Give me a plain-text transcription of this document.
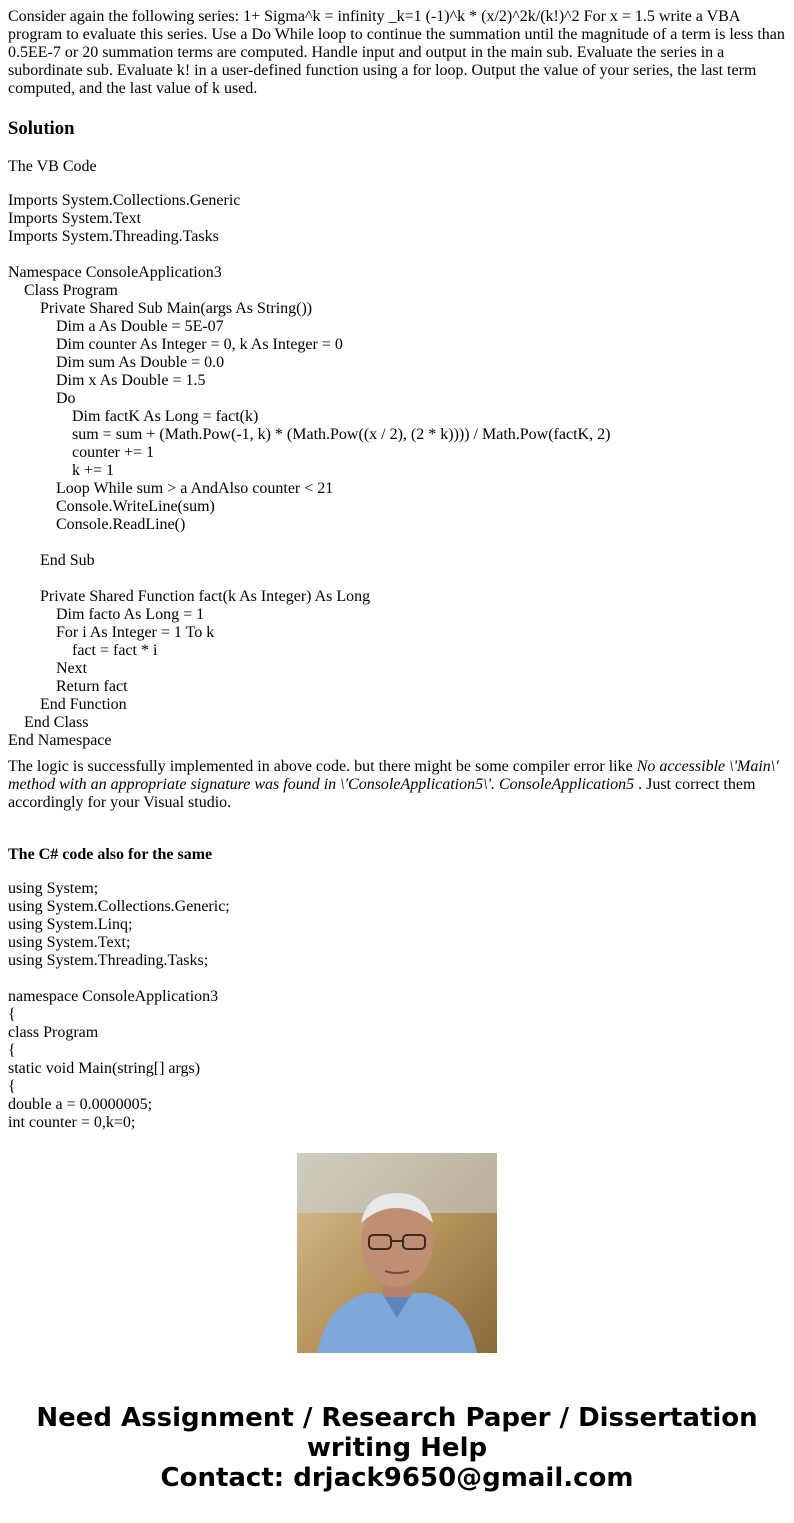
Consider again the following series: 1+ Sigma^k = infinity _k=1 (-1)^k * (x/2)^2k/(k!)^2 For x = 1.5 write a VBA program to evaluate this series. Use a Do While loop to continue the summation until the magnitude of a term is less than 0.5EE-7 or 20 summation terms are computed. Handle input and output in the main sub. Evaluate the series in a subordinate sub. Evaluate k! in a user-defined function using a for loop. Output the value of your series, the last term computed, and the last value of k used.

Solution

The VB Code

Imports System.Collections.Generic
Imports System.Text
Imports System.Threading.Tasks
Namespace ConsoleApplication3
Class Program
Private Shared Sub Main(args As String())
Dim a As Double = 5E-07
Dim counter As Integer = 0, k As Integer = 0
Dim sum As Double = 0.0
Dim x As Double = 1.5
Do
Dim factK As Long = fact(k)
sum = sum + (Math.Pow(-1, k) * (Math.Pow((x / 2), (2 * k)))) / Math.Pow(factK, 2)
counter += 1
k += 1
Loop While sum > a AndAlso counter < 21
Console.WriteLine(sum)
Console.ReadLine()
End Sub
Private Shared Function fact(k As Integer) As Long
Dim facto As Long = 1
For i As Integer = 1 To k
fact = fact * i
Next
Return fact
End Function
End Class
End Namespace

The logic is successfully implemented in above code. but there might be some compiler error like No accessible \'Main\' method with an appropriate signature was found in \'ConsoleApplication5\'. ConsoleApplication5 . Just correct them accordingly for your Visual studio.

The C# code also for the same
using System;
using System.Collections.Generic;
using System.Linq;
using System.Text;
using System.Threading.Tasks;
namespace ConsoleApplication3
{
class Program
{
static void Main(string[] args)
{
double a = 0.0000005;
int counter = 0,k=0;
Need Assignment / Research Paper / Dissertation
writing Help
Contact: drjack9650@gmail.com
